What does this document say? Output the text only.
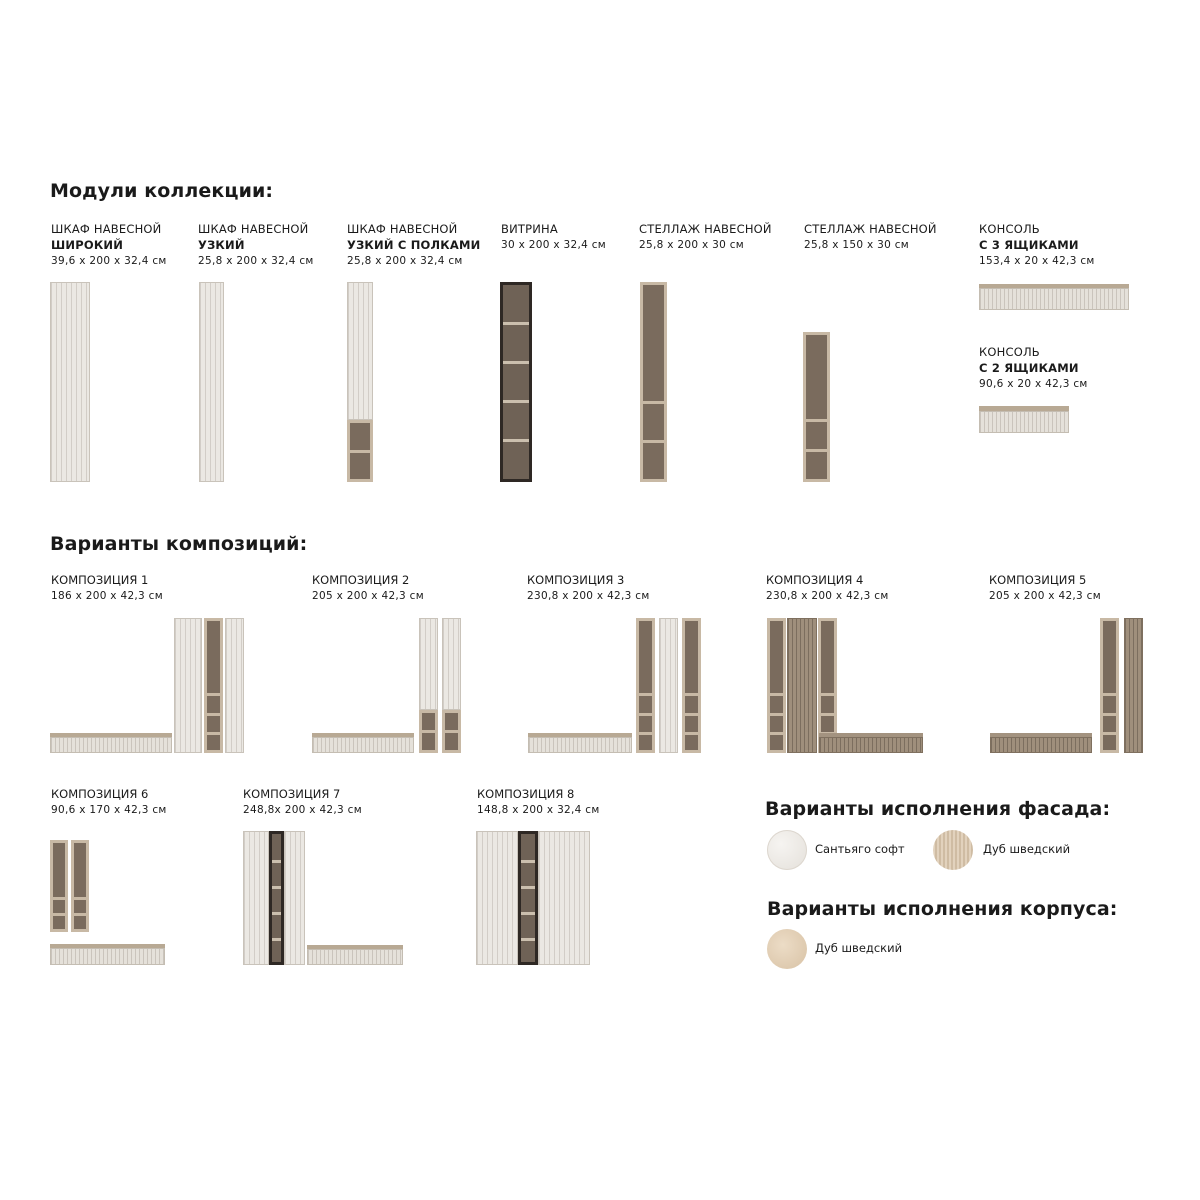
Модули коллекции:
Варианты композиций:
ШКАФ НАВЕСНОЙ
ШИРОКИЙ
39,6 х 200 х 32,4 см
ШКАФ НАВЕСНОЙ
УЗКИЙ
25,8 х 200 х 32,4 см
ШКАФ НАВЕСНОЙ
УЗКИЙ С ПОЛКАМИ
25,8 х 200 х 32,4 см
ВИТРИНА
30 х 200 х 32,4 см
СТЕЛЛАЖ НАВЕСНОЙ
25,8 х 200 х 30 см
СТЕЛЛАЖ НАВЕСНОЙ
25,8 х 150 х 30 см
КОНСОЛЬ
С 3 ЯЩИКАМИ
153,4 х 20 х 42,3 см
КОНСОЛЬ
С 2 ЯЩИКАМИ
90,6 х 20 х 42,3 см
КОМПОЗИЦИЯ 1
186 х 200 х 42,3 см
КОМПОЗИЦИЯ 2
205 х 200 х 42,3 см
КОМПОЗИЦИЯ 3
230,8 х 200 х 42,3 см
КОМПОЗИЦИЯ 4
230,8 х 200 х 42,3 см
КОМПОЗИЦИЯ 5
205 х 200 х 42,3 см
КОМПОЗИЦИЯ 6
90,6 х 170 х 42,3 см
КОМПОЗИЦИЯ 7
248,8х 200 х 42,3 см
КОМПОЗИЦИЯ 8
148,8 х 200 х 32,4 см	Варианты исполнения фасада:
Сантьяго софт	Дуб шведский
Варианты исполнения корпуса:
Дуб шведский
